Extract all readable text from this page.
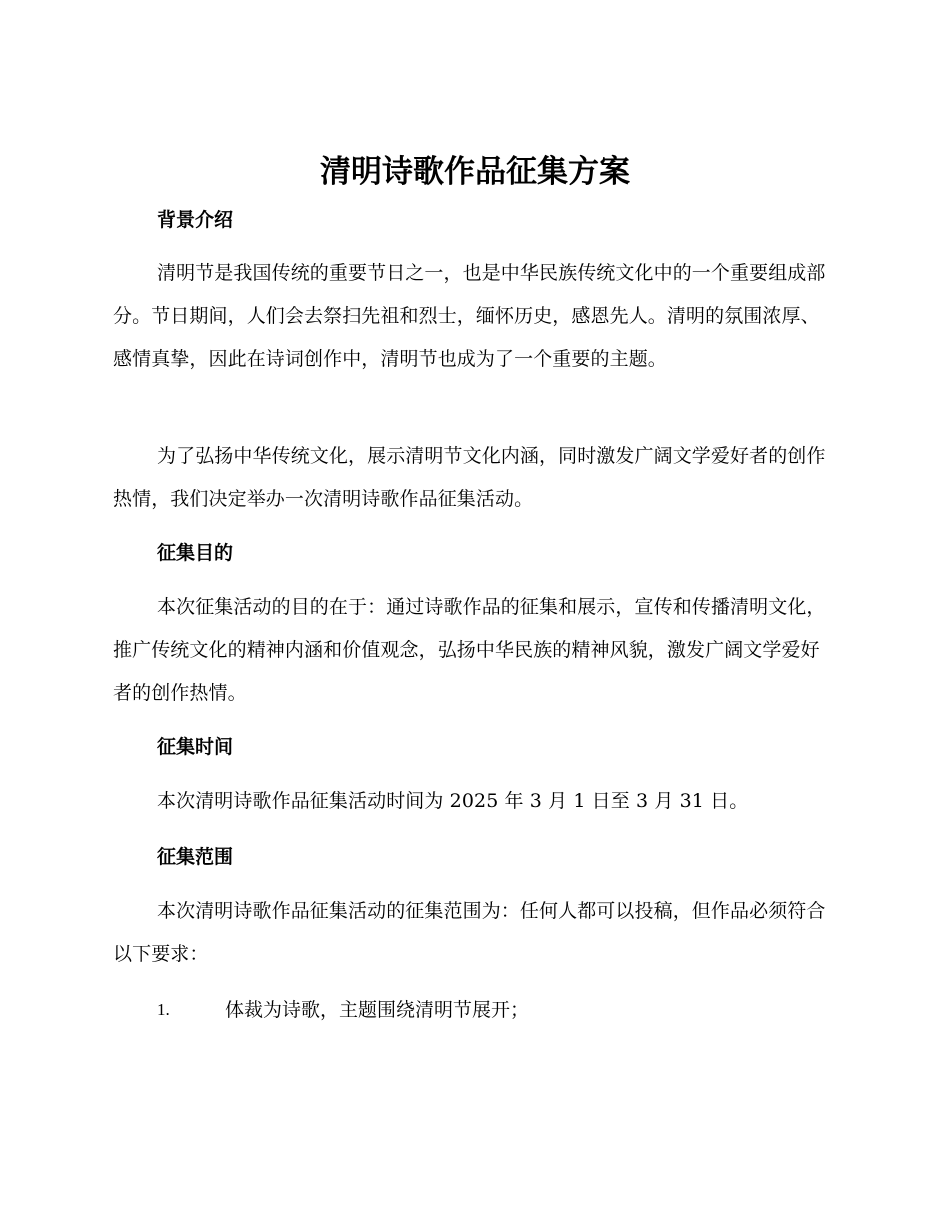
清明诗歌作品征集方案
背景介绍
清明节是我国传统的重要节日之一，也是中华民族传统文化中的一个重要组成部分。节日期间，人们会去祭扫先祖和烈士，缅怀历史，感恩先人。清明的氛围浓厚、感情真挚，因此在诗词创作中，清明节也成为了一个重要的主题。
为了弘扬中华传统文化，展示清明节文化内涵，同时激发广阔文学爱好者的创作热情，我们决定举办一次清明诗歌作品征集活动。
征集目的
本次征集活动的目的在于：通过诗歌作品的征集和展示，宣传和传播清明文化，推广传统文化的精神内涵和价值观念，弘扬中华民族的精神风貌，激发广阔文学爱好者的创作热情。
征集时间
本次清明诗歌作品征集活动时间为 2025 年 3 月 1 日至 3 月 31 日。
征集范围
本次清明诗歌作品征集活动的征集范围为：任何人都可以投稿，但作品必须符合以下要求：
1.	体裁为诗歌，主题围绕清明节展开；
